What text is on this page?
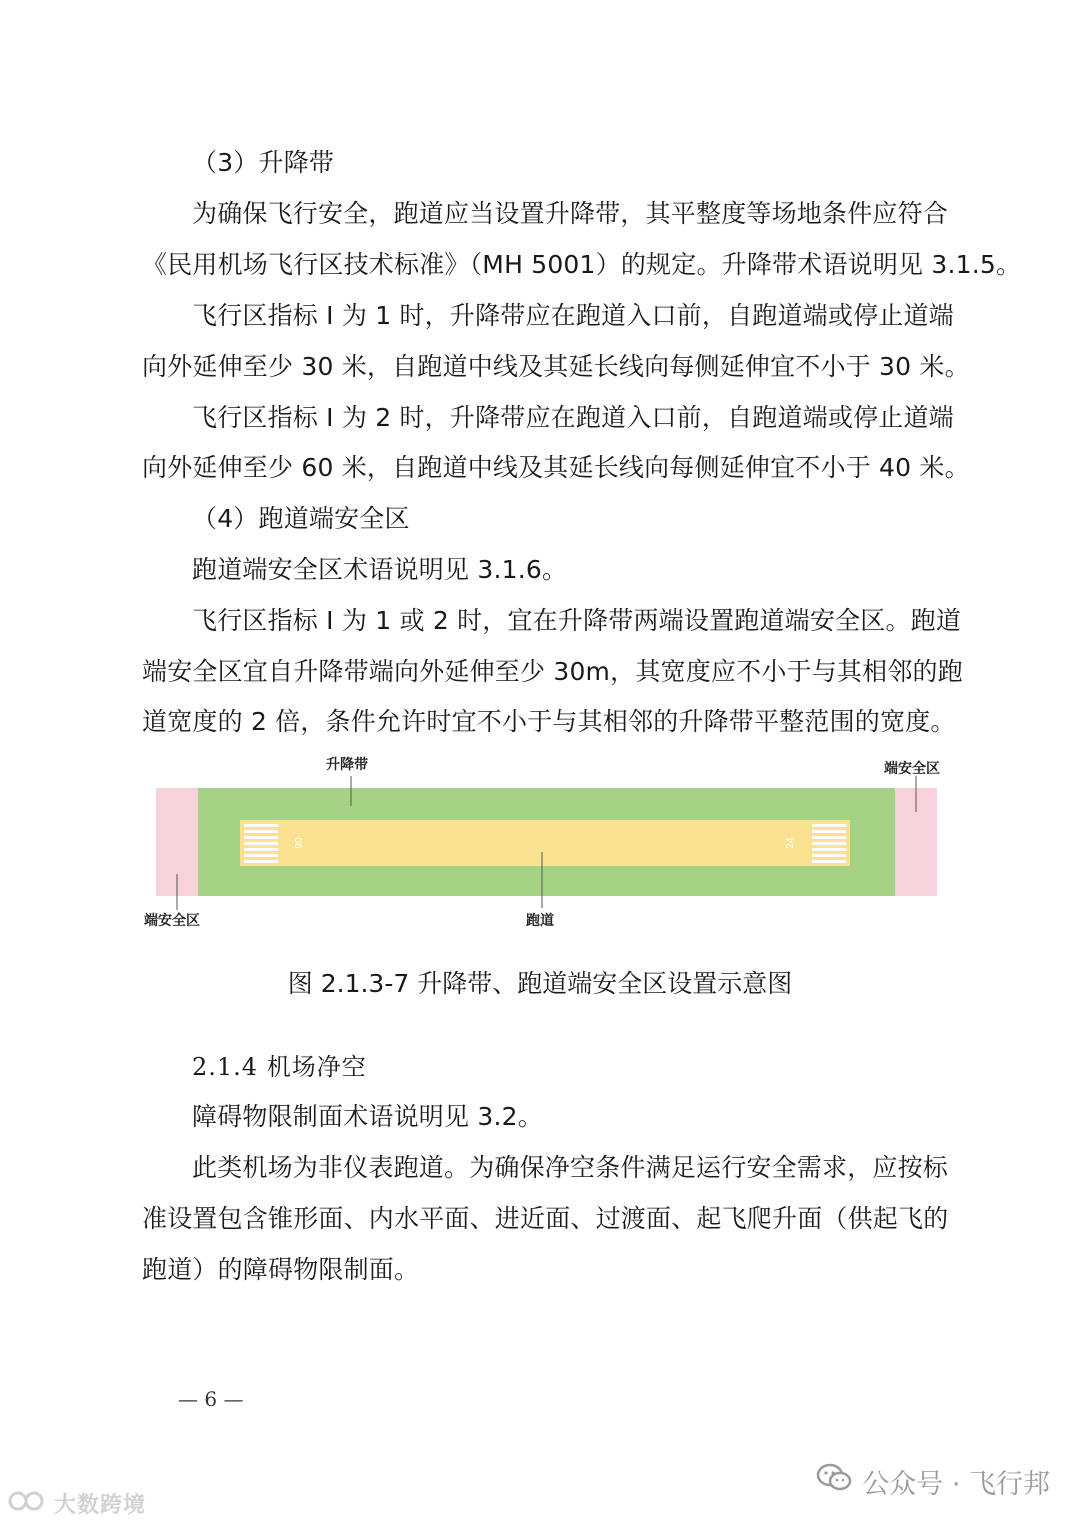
（3）升降带
为确保飞行安全，跑道应当设置升降带，其平整度等场地条件应符合
《民用机场飞行区技术标准》（MH 5001）的规定。升降带术语说明见 3.1.5。
飞行区指标 I 为 1 时，升降带应在跑道入口前，自跑道端或停止道端
向外延伸至少 30 米，自跑道中线及其延长线向每侧延伸宜不小于 30 米。
飞行区指标 I 为 2 时，升降带应在跑道入口前，自跑道端或停止道端
向外延伸至少 60 米，自跑道中线及其延长线向每侧延伸宜不小于 40 米。
（4）跑道端安全区
跑道端安全区术语说明见 3.1.6。
飞行区指标 I 为 1 或 2 时，宜在升降带两端设置跑道端安全区。跑道
端安全区宜自升降带端向外延伸至少 30m，其宽度应不小于与其相邻的跑
道宽度的 2 倍，条件允许时宜不小于与其相邻的升降带平整范围的宽度。
06	24
升降带	端安全区
端安全区	跑道
图 2.1.3-7 升降带、跑道端安全区设置示意图
2.1.4 机场净空
障碍物限制面术语说明见 3.2。
此类机场为非仪表跑道。为确保净空条件满足运行安全需求，应按标
准设置包含锥形面、内水平面、进近面、过渡面、起飞爬升面（供起飞的
跑道）的障碍物限制面。
— 6 —
大数跨境
公众号 · 飞行邦
